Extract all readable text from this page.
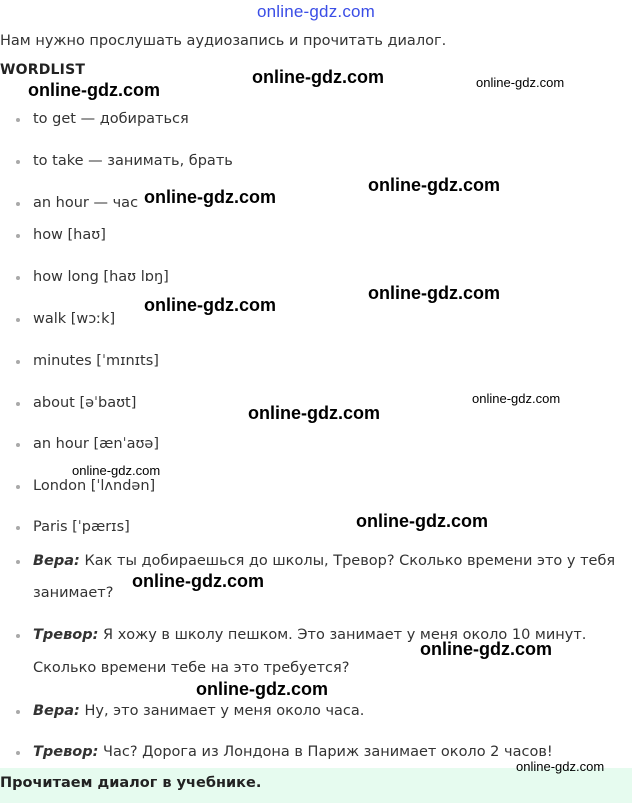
online-gdz.com
Нам нужно прослушать аудиозапись и прочитать диалог.
WORDLIST
to get — добираться
to take — занимать, брать
an hour — час
how [haʊ]
how long [haʊ lɒŋ]
walk [wɔːk]
minutes [ˈmɪnɪts]
about [əˈbaʊt]
an hour [ænˈaʊə]
London [ˈlʌndən]
Paris [ˈpærɪs]
Вера: Как ты добираешься до школы, Тревор? Сколько времени это у тебя
занимает?
Тревор: Я хожу в школу пешком. Это занимает у меня около 10 минут.
Сколько времени тебе на это требуется?
Вера: Ну, это занимает у меня около часа.
Тревор: Час? Дорога из Лондона в Париж занимает около 2 часов!
Прочитаем диалог в учебнике.
online-gdz.com
online-gdz.com	online-gdz.com
online-gdz.com
online-gdz.com
online-gdz.com
online-gdz.com
online-gdz.com
online-gdz.com
online-gdz.com
online-gdz.com
online-gdz.com
online-gdz.com
online-gdz.com
online-gdz.com
